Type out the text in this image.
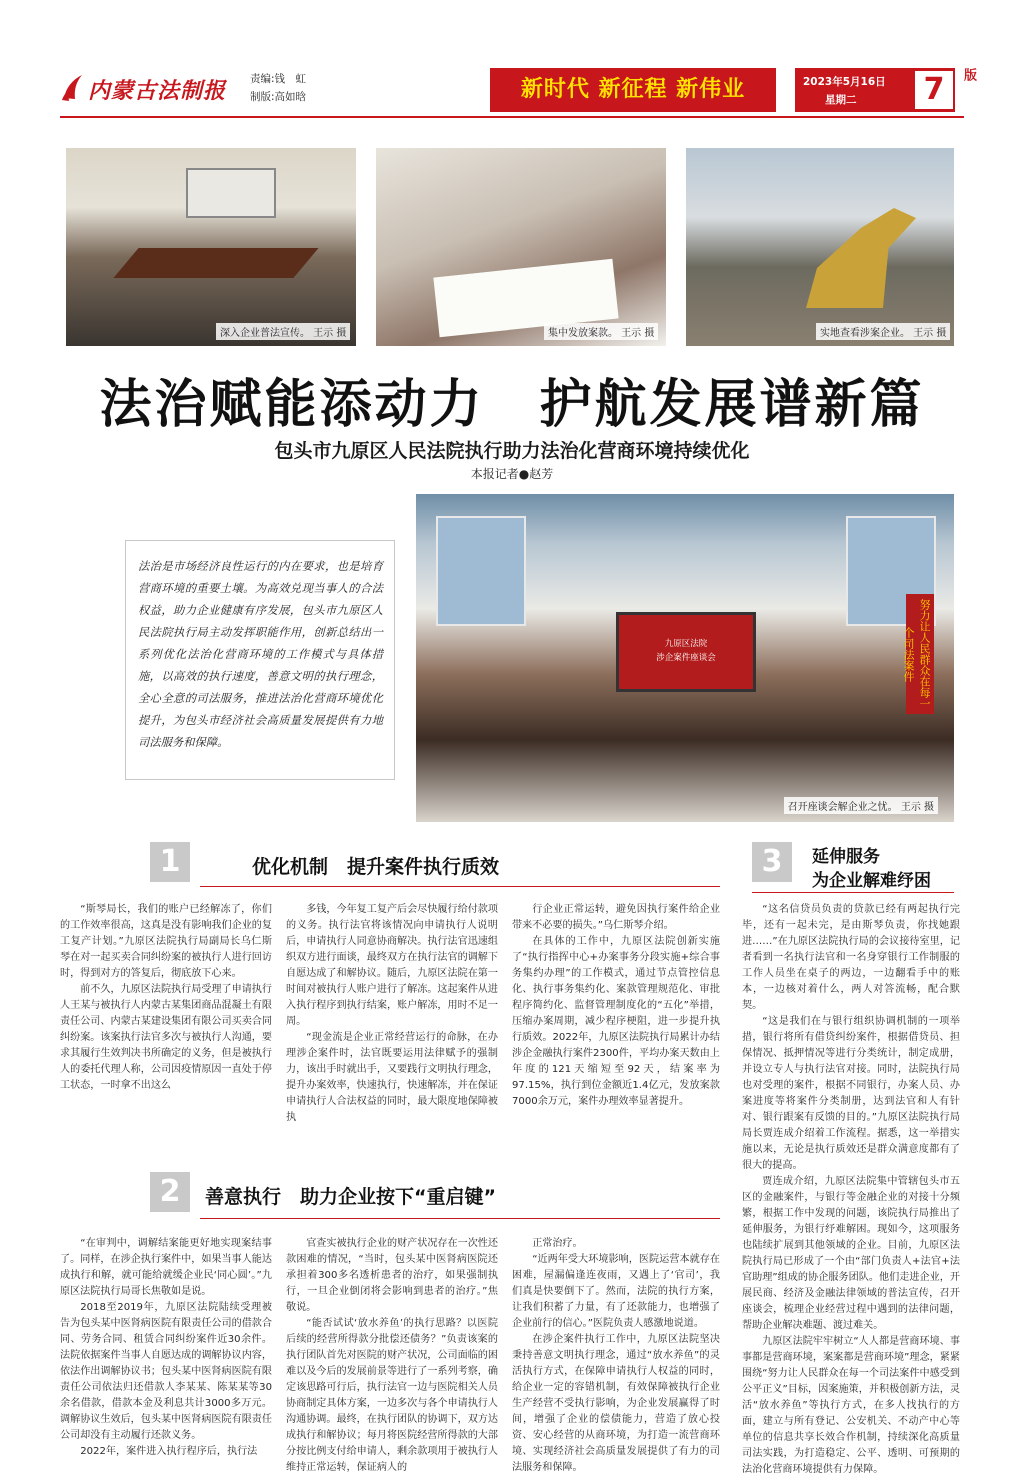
内蒙古法制报 责编:钱　虹
制版:高如晗	新时代 新征程 新伟业	2023年5月16日
星期二 7	版
深入企业普法宣传。 王示 摄	集中发放案款。 王示 摄	实地查看涉案企业。 王示 摄
法治赋能添动力　护航发展谱新篇
包头市九原区人民法院执行助力法治化营商环境持续优化
本报记者●赵芳

法治是市场经济良性运行的内在要求，也是培育营商环境的重要土壤。为高效兑现当事人的合法权益，助力企业健康有序发展，包头市九原区人民法院执行局主动发挥职能作用，创新总结出一系列优化法治化营商环境的工作模式与具体措施，以高效的执行速度，善意文明的执行理念，全心全意的司法服务，推进法治化营商环境优化提升，为包头市经济社会高质量发展提供有力地司法服务和保障。

九原区法院
涉企案件座谈会	努力让人民群众在每一个司法案件
召开座谈会解企业之忧。 王示 摄
1	优化机制　提升案件执行质效

“斯琴局长，我们的账户已经解冻了，你们的工作效率很高，这真是没有影响我们企业的复工复产计划。”九原区法院执行局副局长乌仁斯琴在对一起买卖合同纠纷案的被执行人进行回访时，得到对方的答复后，彻底放下心来。

前不久，九原区法院执行局受理了申请执行人王某与被执行人内蒙古某集团商品混凝土有限责任公司、内蒙古某建设集团有限公司买卖合同纠纷案。该案执行法官多次与被执行人沟通，要求其履行生效判决书所确定的义务，但是被执行人的委托代理人称，公司因疫情原因一直处于停工状态，一时拿不出这么

多钱，今年复工复产后会尽快履行给付款项的义务。执行法官将该情况向申请执行人说明后，申请执行人同意协商解决。执行法官迅速组织双方进行面谈，最终双方在执行法官的调解下自愿达成了和解协议。随后，九原区法院在第一时间对被执行人账户进行了解冻。这起案件从进入执行程序到执行结案，账户解冻，用时不足一周。

“现金流是企业正常经营运行的命脉，在办理涉企案件时，法官既要运用法律赋予的强制力，该出手时就出手，又要践行文明执行理念，提升办案效率，快速执行，快速解冻，并在保证申请执行人合法权益的同时，最大限度地保障被执

行企业正常运转，避免因执行案件给企业带来不必要的损失。”乌仁斯琴介绍。

在具体的工作中，九原区法院创新实施了“执行指挥中心+办案事务分段实施+综合事务集约办理”的工作模式，通过节点管控信息化、执行事务集约化、案款管理规范化、审批程序简约化、监督管理制度化的“五化”举措，压缩办案周期，减少程序梗阻，进一步提升执行质效。2022年，九原区法院执行局累计办结涉企金融执行案件2300件，平均办案天数由上年度的121天缩短至92天，结案率为97.15%，执行到位金额近1.4亿元，发放案款7000余万元，案件办理效率显著提升。

2	善意执行　助力企业按下“重启键”

“在审判中，调解结案能更好地实现案结事了。同样，在涉企执行案件中，如果当事人能达成执行和解，就可能给就缓企业民‘同心圆’。”九原区法院执行局哥长焦敬如是说。

2018至2019年，九原区法院陆续受理被告为包头某中医肾病医院有限责任公司的借款合同、劳务合同、租赁合同纠纷案件近30余件。法院依据案件当事人自愿达成的调解协议内容，依法作出调解协议书；包头某中医肾病医院有限责任公司依法归还借款人李某某、陈某某等30余名借款，借款本金及利息共计3000多万元。调解协议生效后，包头某中医肾病医院有限责任公司却没有主动履行还款义务。

2022年，案件进入执行程序后，执行法

官查实被执行企业的财产状况存在一次性还款困难的情况，“当时，包头某中医肾病医院还承担着300多名透析患者的治疗，如果强制执行，一旦企业倒闭将会影响到患者的治疗。”焦敬说。

“能否试试‘放水养鱼’的执行思路？以医院后续的经营所得款分批偿还债务？”负责该案的执行团队首先对医院的财产状况，公司面临的困难以及今后的发展前景等进行了一系列考察，确定该思路可行后，执行法官一边与医院相关人员协商制定具体方案，一边多次与各个申请执行人沟通协调。最终，在执行团队的协调下，双方达成执行和解协议；每月将医院经营所得款的大部分按比例支付给申请人，剩余款项用于被执行人维持正常运转，保证病人的

正常治疗。

“近两年受大环境影响，医院运营本就存在困难，屋漏偏逢连夜雨，又遇上了‘官司’，我们真是快要倒下了。然而，法院的执行方案，让我们积蓄了力量，有了还款能力，也增强了企业前行的信心。”医院负责人感激地说道。

在涉企案件执行工作中，九原区法院坚决秉持善意文明执行理念，通过“放水养鱼”的灵活执行方式，在保障申请执行人权益的同时，给企业一定的容错机制，有效保障被执行企业生产经营不受执行影响，为企业发展赢得了时间，增强了企业的偿债能力，营造了放心投资、安心经营的从商环境，为打造一流营商环境、实现经济社会高质量发展提供了有力的司法服务和保障。

3	延伸服务
为企业解难纾困

“这名信贷员负责的贷款已经有两起执行完毕，还有一起未完，是由斯琴负责，你找她跟进……”在九原区法院执行局的会议接待室里，记者看到一名执行法官和一名身穿银行工作制服的工作人员坐在桌子的两边，一边翻看手中的账本，一边核对着什么，两人对答流畅，配合默契。

“这是我们在与银行组织协调机制的一项举措，银行将所有借贷纠纷案件，根据借贷员、担保情况、抵押情况等进行分类统计，制定成册，并设立专人与执行法官对接。同时，法院执行局也对受理的案件，根据不同银行，办案人员、办案进度等将案件分类制册，达到法官和人有针对、银行跟案有反馈的目的。”九原区法院执行局局长贾连成介绍着工作流程。据悉，这一举措实施以来，无论是执行质效还是群众满意度都有了很大的提高。

贾连成介绍，九原区法院集中管辖包头市五区的金融案件，与银行等金融企业的对接十分频繁，根据工作中发现的问题，该院执行局推出了延伸服务，为银行纾难解困。现如今，这项服务也陆续扩展到其他领域的企业。目前，九原区法院执行局已形成了一个由“部门负责人+法官+法官助理”组成的协企服务团队。他们走进企业，开展民商、经济及金融法律领域的普法宣传，召开座谈会，梳理企业经营过程中遇到的法律问题，帮助企业解决难题、渡过难关。

九原区法院牢牢树立“人人都是营商环境、事事都是营商环境，案案都是营商环境”理念，紧紧围绕“努力让人民群众在每一个司法案件中感受到公平正义”目标，因案施策，并积极创新方法，灵活“放水养鱼”等执行方式，在多人找执行的方面，建立与所有登记、公安机关、不动产中心等单位的信息共享长效合作机制，持续深化高质量司法实践，为打造稳定、公平、透明、可预期的法治化营商环境提供有力保障。
